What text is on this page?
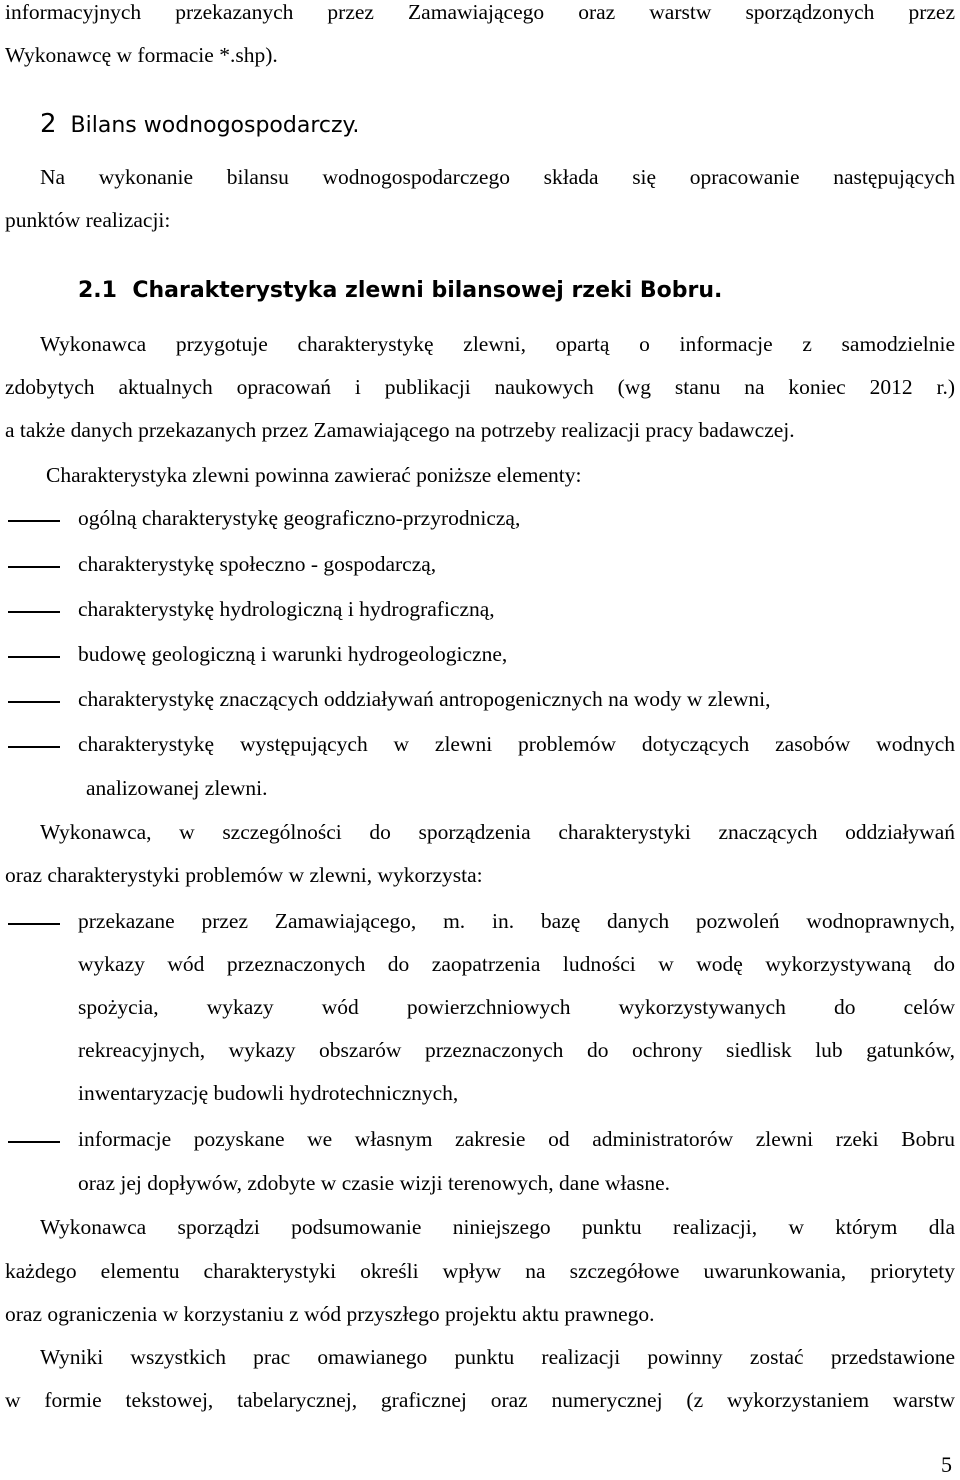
informacyjnych przekazanych przez Zamawiającego oraz warstw sporządzonych przez
Wykonawcę w formacie *.shp).
2 Bilans wodnogospodarczy.
Na wykonanie bilansu wodnogospodarczego składa się opracowanie następujących
punktów realizacji:
2.1 Charakterystyka zlewni bilansowej rzeki Bobru.
Wykonawca przygotuje charakterystykę zlewni, opartą o informacje z samodzielnie
zdobytych aktualnych opracowań i publikacji naukowych (wg stanu na koniec 2012 r.)
a także danych przekazanych przez Zamawiającego na potrzeby realizacji pracy badawczej.
Charakterystyka zlewni powinna zawierać poniższe elementy:
ogólną charakterystykę geograficzno-przyrodniczą,
charakterystykę społeczno - gospodarczą,
charakterystykę hydrologiczną i hydrograficzną,
budowę geologiczną i warunki hydrogeologiczne,
charakterystykę znaczących oddziaływań antropogenicznych na wody w zlewni,
charakterystykę występujących w zlewni problemów dotyczących zasobów wodnych
analizowanej zlewni.
Wykonawca, w szczególności do sporządzenia charakterystyki znaczących oddziaływań
oraz charakterystyki problemów w zlewni, wykorzysta:
przekazane przez Zamawiającego, m. in. bazę danych pozwoleń wodnoprawnych,
wykazy wód przeznaczonych do zaopatrzenia ludności w wodę wykorzystywaną do
spożycia, wykazy wód powierzchniowych wykorzystywanych do celów
rekreacyjnych, wykazy obszarów przeznaczonych do ochrony siedlisk lub gatunków,
inwentaryzację budowli hydrotechnicznych,
informacje pozyskane we własnym zakresie od administratorów zlewni rzeki Bobru
oraz jej dopływów, zdobyte w czasie wizji terenowych, dane własne.
Wykonawca sporządzi podsumowanie niniejszego punktu realizacji, w którym dla
każdego elementu charakterystyki określi wpływ na szczegółowe uwarunkowania, priorytety
oraz ograniczenia w korzystaniu z wód przyszłego projektu aktu prawnego.
Wyniki wszystkich prac omawianego punktu realizacji powinny zostać przedstawione
w formie tekstowej, tabelarycznej, graficznej oraz numerycznej (z wykorzystaniem warstw
5
